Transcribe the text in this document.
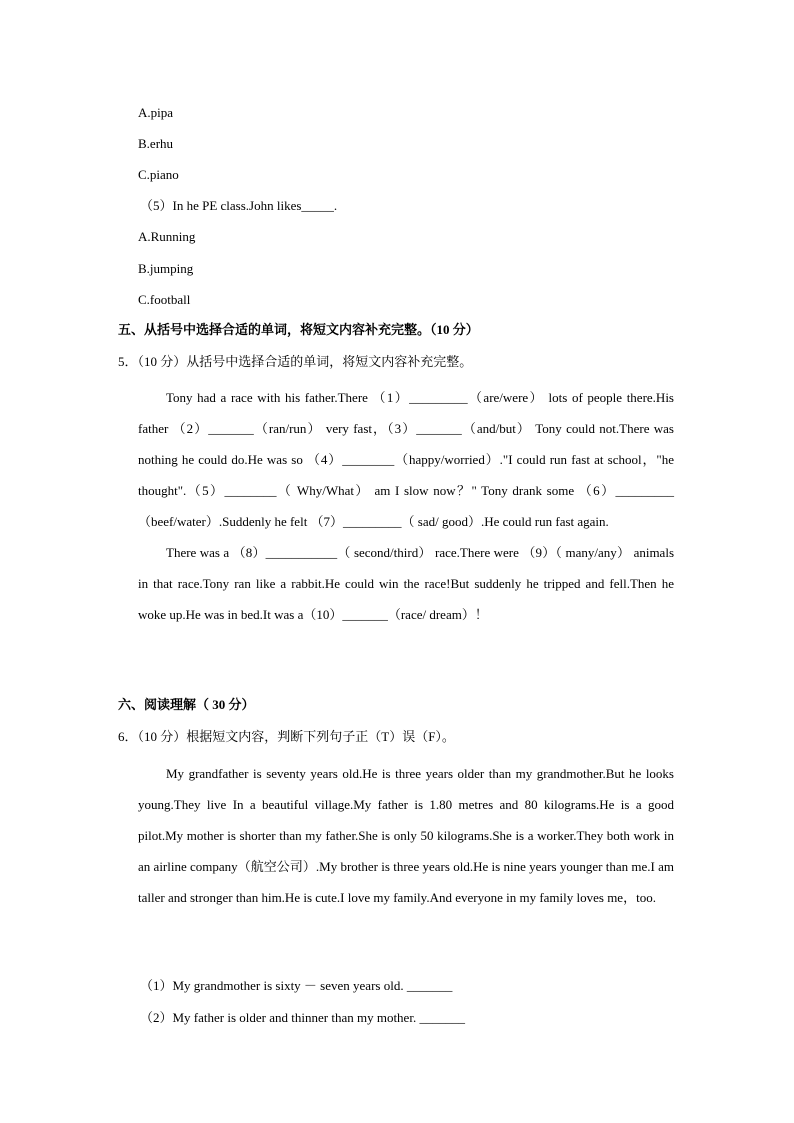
A.pipa
B.erhu
C.piano
（5）In he PE class.John likes_____.
A.Running
B.jumping
C.football
五、从括号中选择合适的单词，将短文内容补充完整。（10 分）
5．（10 分）从括号中选择合适的单词，将短文内容补充完整。

Tony had a race with his father.There （1）_________（are/were） lots of people there.His father （2）_______（ran/run） very fast，（3）_______（and/but） Tony could not.There was nothing he could do.He was so （4）________（happy/worried）."I could run fast at school，"he thought".（5）________（ Why/What） am I slow now？" Tony drank some （6）_________（beef/water）.Suddenly he felt （7）_________（ sad/ good）.He could run fast again.

There was a （8）___________（ second/third） race.There were （9）（ many/any） animals in that race.Tony ran like a rabbit.He could win the race!But suddenly he tripped and fell.Then he woke up.He was in bed.It was a（10）_______（race/ dream）！

六、阅读理解（ 30 分）
6．（10 分）根据短文内容，判断下列句子正（T）误（F）。

My grandfather is seventy years old.He is three years older than my grandmother.But he looks young.They live In a beautiful village.My father is 1.80 metres and 80 kilograms.He is a good pilot.My mother is shorter than my father.She is only 50 kilograms.She is a worker.They both work in an airline company（航空公司）.My brother is three years old.He is nine years younger than me.I am taller and stronger than him.He is cute.I love my family.And everyone in my family loves me，too.

（1）My grandmother is sixty － seven years old. _______
（2）My father is older and thinner than my mother. _______
